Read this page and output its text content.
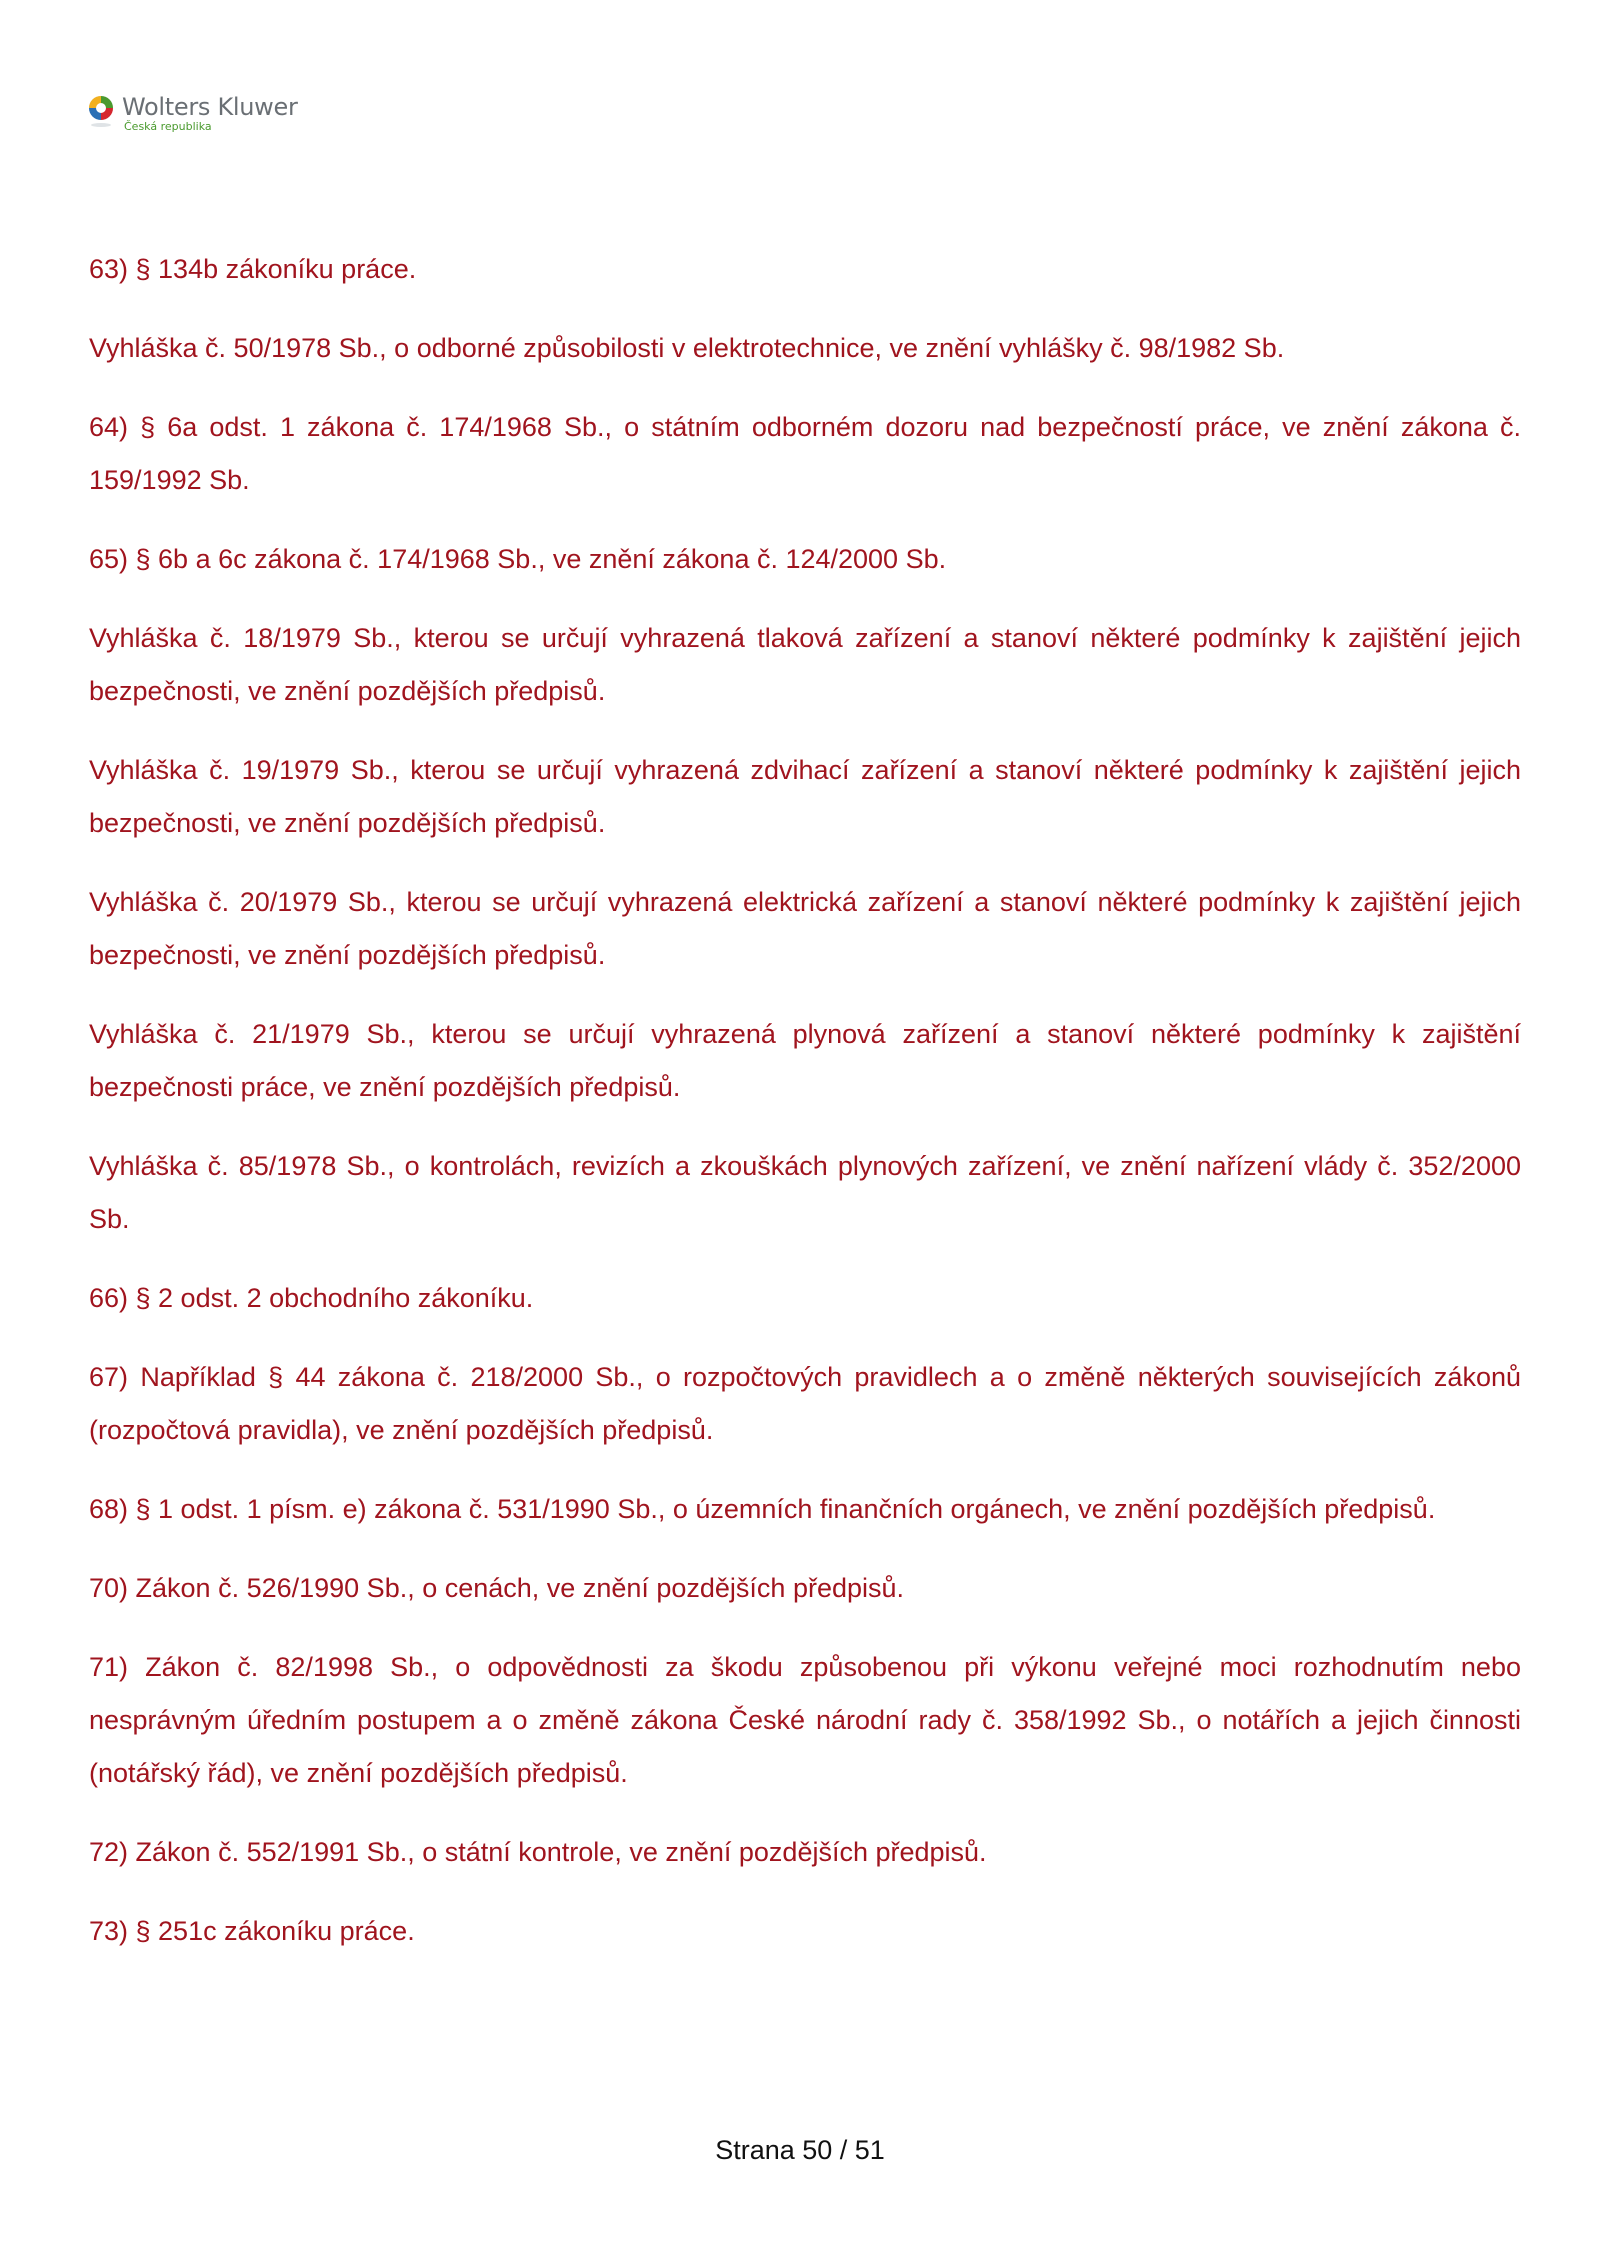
Wolters Kluwer
Česká republika

63) § 134b zákoníku práce.

Vyhláška č. 50/1978 Sb., o odborné způsobilosti v elektrotechnice, ve znění vyhlášky č. 98/1982 Sb.

64) § 6a odst. 1 zákona č. 174/1968 Sb., o státním odborném dozoru nad bezpečností práce, ve znění zákona č. 159/1992 Sb.

65) § 6b a 6c zákona č. 174/1968 Sb., ve znění zákona č. 124/2000 Sb.

Vyhláška č. 18/1979 Sb., kterou se určují vyhrazená tlaková zařízení a stanoví některé podmínky k zajištění jejich bezpečnosti, ve znění pozdějších předpisů.

Vyhláška č. 19/1979 Sb., kterou se určují vyhrazená zdvihací zařízení a stanoví některé podmínky k zajištění jejich bezpečnosti, ve znění pozdějších předpisů.

Vyhláška č. 20/1979 Sb., kterou se určují vyhrazená elektrická zařízení a stanoví některé podmínky k zajištění jejich bezpečnosti, ve znění pozdějších předpisů.

Vyhláška č. 21/1979 Sb., kterou se určují vyhrazená plynová zařízení a stanoví některé podmínky k zajištění bezpečnosti práce, ve znění pozdějších předpisů.

Vyhláška č. 85/1978 Sb., o kontrolách, revizích a zkouškách plynových zařízení, ve znění nařízení vlády č. 352/2000 Sb.

66) § 2 odst. 2 obchodního zákoníku.

67) Například § 44 zákona č. 218/2000 Sb., o rozpočtových pravidlech a o změně některých souvisejících zákonů (rozpočtová pravidla), ve znění pozdějších předpisů.

68) § 1 odst. 1 písm. e) zákona č. 531/1990 Sb., o územních finančních orgánech, ve znění pozdějších předpisů.

70) Zákon č. 526/1990 Sb., o cenách, ve znění pozdějších předpisů.

71) Zákon č. 82/1998 Sb., o odpovědnosti za škodu způsobenou při výkonu veřejné moci rozhodnutím nebo nesprávným úředním postupem a o změně zákona České národní rady č. 358/1992 Sb., o notářích a jejich činnosti (notářský řád), ve znění pozdějších předpisů.

72) Zákon č. 552/1991 Sb., o státní kontrole, ve znění pozdějších předpisů.

73) § 251c zákoníku práce.

Strana 50 / 51
